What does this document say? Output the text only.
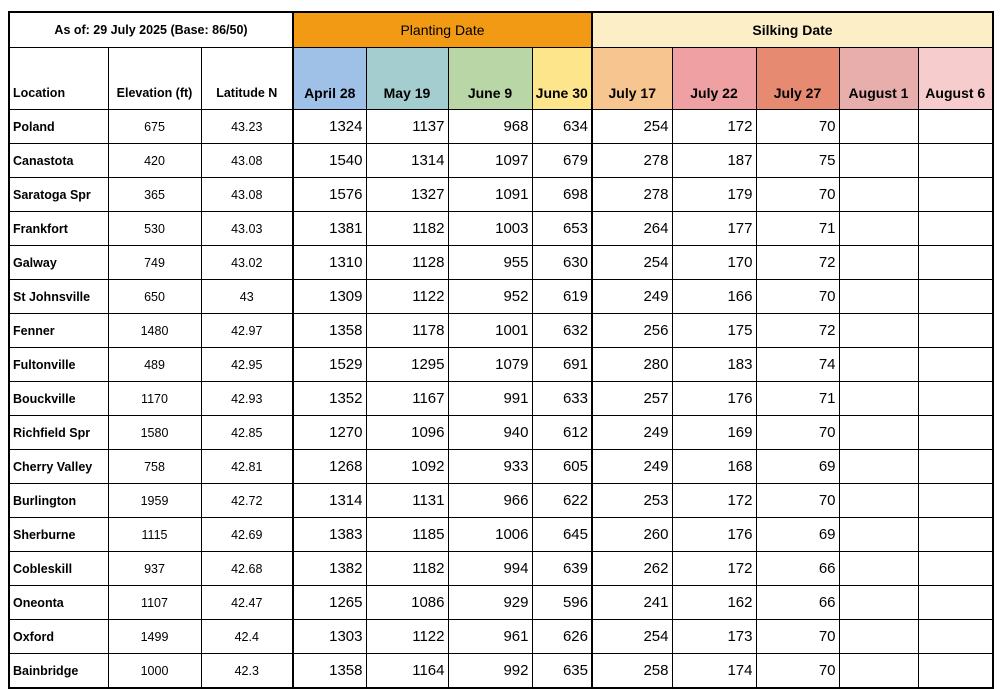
As of: 29 July 2025 (Base: 86/50)			Planting Date				Silking Date				
Location	Elevation (ft)	Latitude N	April 28	May 19	June 9	June 30	July 17	July 22	July 27	August 1	August 6
Poland	675	43.23	1324	1137	968	634	254	172	70		
Canastota	420	43.08	1540	1314	1097	679	278	187	75		
Saratoga Spr	365	43.08	1576	1327	1091	698	278	179	70		
Frankfort	530	43.03	1381	1182	1003	653	264	177	71		
Galway	749	43.02	1310	1128	955	630	254	170	72		
St Johnsville	650	43	1309	1122	952	619	249	166	70		
Fenner	1480	42.97	1358	1178	1001	632	256	175	72		
Fultonville	489	42.95	1529	1295	1079	691	280	183	74		
Bouckville	1170	42.93	1352	1167	991	633	257	176	71		
Richfield Spr	1580	42.85	1270	1096	940	612	249	169	70		
Cherry Valley	758	42.81	1268	1092	933	605	249	168	69		
Burlington	1959	42.72	1314	1131	966	622	253	172	70		
Sherburne	1115	42.69	1383	1185	1006	645	260	176	69		
Cobleskill	937	42.68	1382	1182	994	639	262	172	66		
Oneonta	1107	42.47	1265	1086	929	596	241	162	66		
Oxford	1499	42.4	1303	1122	961	626	254	173	70		
Bainbridge	1000	42.3	1358	1164	992	635	258	174	70		
